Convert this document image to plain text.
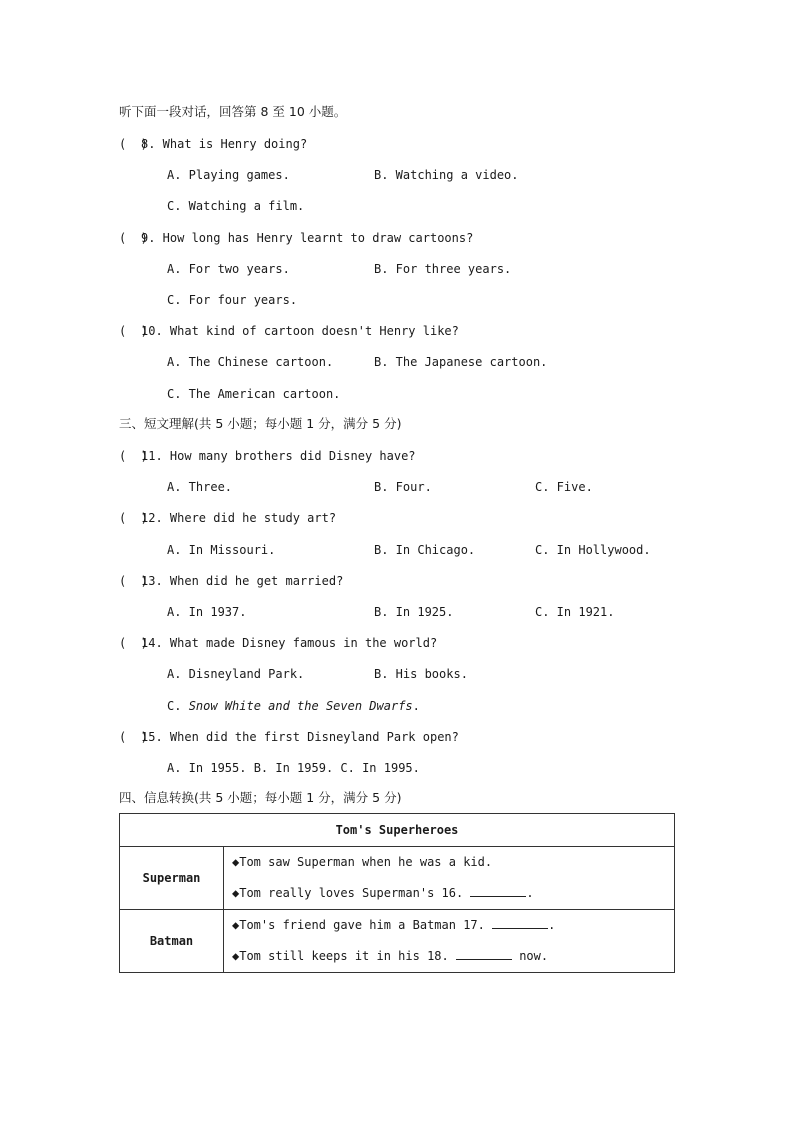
听下面一段对话，回答第 8 至 10 小题。
(  )8. What is Henry doing?
A. Playing games.	B. Watching a video.
C. Watching a film.
(  )9. How long has Henry learnt to draw cartoons?
A. For two years.	B. For three years.
C. For four years.
(  )10. What kind of cartoon doesn't Henry like?
A. The Chinese cartoon.	B. The Japanese cartoon.
C. The American cartoon.
三、短文理解(共 5 小题；每小题 1 分，满分 5 分)
(  )11. How many brothers did Disney have?
A. Three.	B. Four.	C. Five.
(  )12. Where did he study art?
A. In Missouri.	B. In Chicago.	C. In Hollywood.
(  )13. When did he get married?
A. In 1937.	B. In 1925.	C. In 1921.
(  )14. What made Disney famous in the world?
A. Disneyland Park.	B. His books.
C. Snow White and the Seven Dwarfs.
(  )15. When did the first Disneyland Park open?
A. In 1955. B. In 1959. C. In 1995.
四、信息转换(共 5 小题；每小题 1 分，满分 5 分)
Tom's Superheroes	
Superman	◆Tom saw Superman when he was a kid.
◆Tom really loves Superman's 16. .

Batman	◆Tom's friend gave him a Batman 17. .
◆Tom still keeps it in his 18. now.
